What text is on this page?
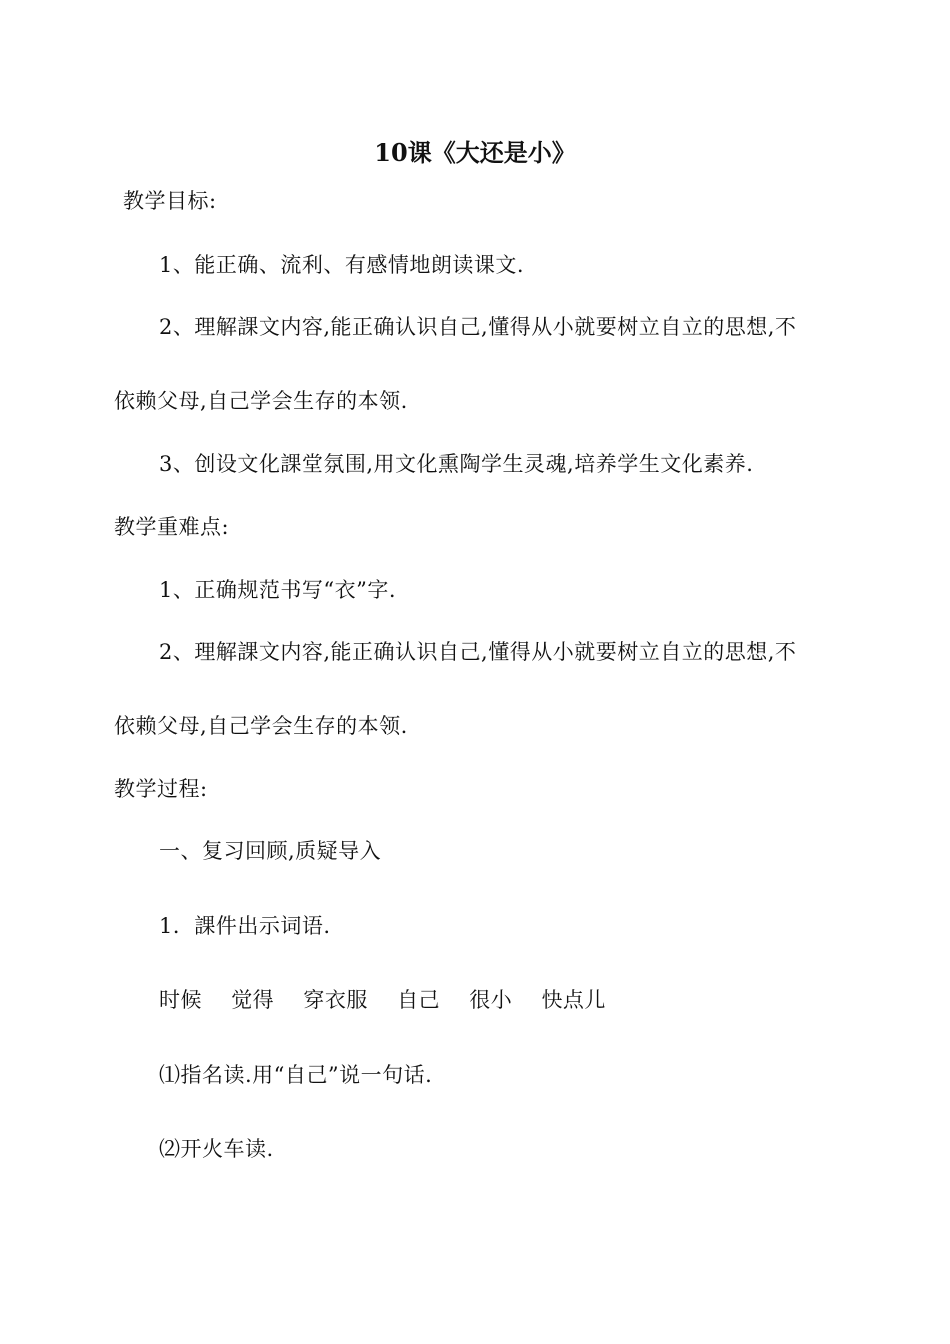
10课《大还是小》
教学目标:
1、能正确、流利、有感情地朗读课文.
2、理解課文内容,能正确认识自己,懂得从小就要树立自立的思想,不
依赖父母,自己学会生存的本领.
3、创设文化課堂氛围,用文化熏陶学生灵魂,培养学生文化素养.
教学重难点:
1、正确规范书写“衣”字.
2、理解課文内容,能正确认识自己,懂得从小就要树立自立的思想,不
依赖父母,自己学会生存的本领.
教学过程:
一、复习回顾,质疑导入
1．課件出示词语.
时候 觉得 穿衣服 自己 很小 快点儿
⑴指名读.用“自己”说一句话.
⑵开火车读.
